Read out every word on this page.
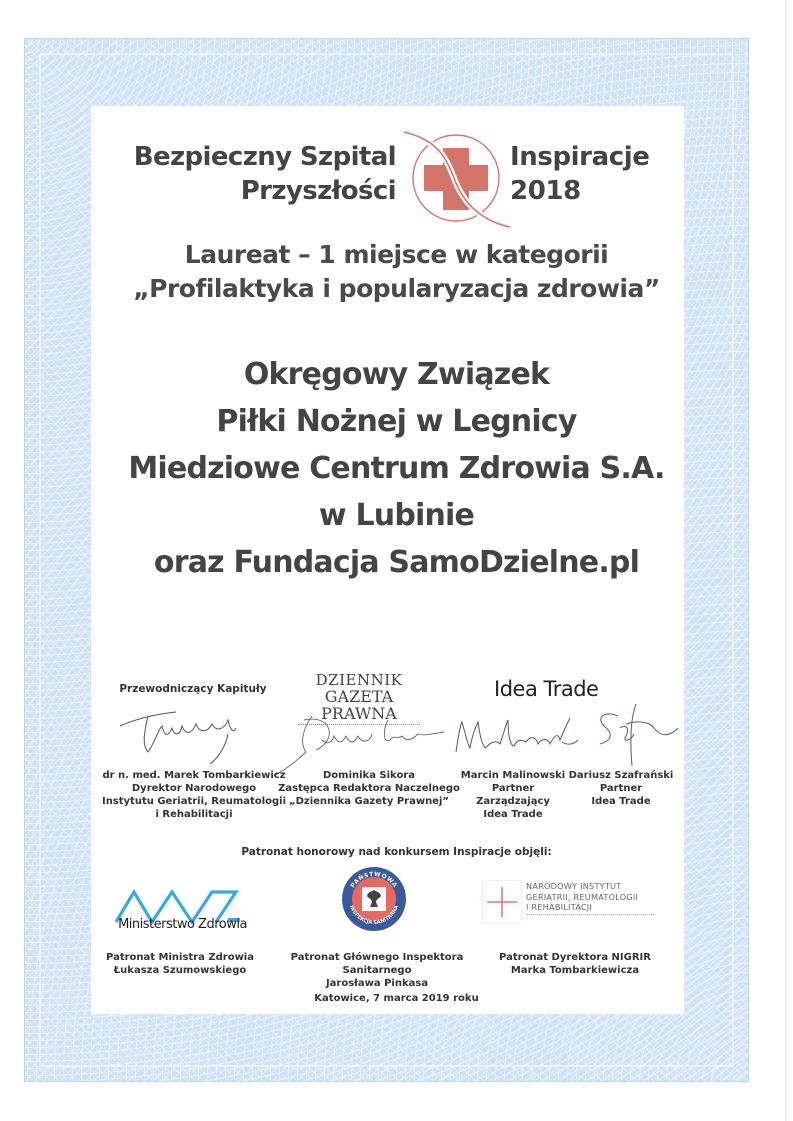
Bezpieczny Szpital
Przyszłości
Inspiracje
2018
Laureat – 1 miejsce w kategorii
„Profilaktyka i popularyzacja zdrowia”
Okręgowy Związek
Piłki Nożnej w Legnicy
Miedziowe Centrum Zdrowia S.A.
w Lubinie
oraz Fundacja SamoDzielne.pl
Przewodniczący Kapituły	DZIENNIK
GAZETA PRAWNA
Idea Trade
dr n. med. Marek Tombarkiewicz
Dyrektor Narodowego
Instytutu Geriatrii, Reumatologii
i Rehabilitacji
Dominika Sikora
Zastępca Redaktora Naczelnego
„Dziennika Gazety Prawnej”
Marcin Malinowski
Partner Zarządzający
Idea Trade
Dariusz Szafrański
Partner
Idea Trade
Patronat honorowy nad konkursem Inspiracje objęli:
Ministerstwo Zdrowia
PAŃSTWOWA
INSPEKCJA SANITARNA
NARODOWY INSTYTUT
GERIATRII, REUMATOLOGII
I REHABILITACJI
Patronat Ministra Zdrowia
Łukasza Szumowskiego
Patronat Głównego Inspektora Sanitarnego
Jarosława Pinkasa
Patronat Dyrektora NIGRIR
Marka Tombarkiewicza
Katowice, 7 marca 2019 roku
